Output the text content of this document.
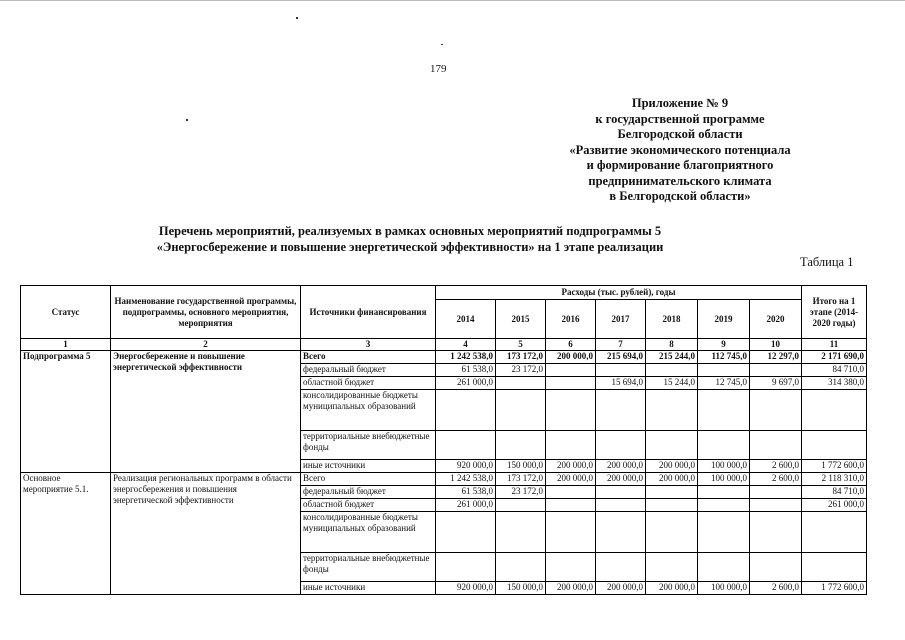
179
Приложение № 9
к государственной программе
Белгородской области
«Развитие экономического потенциала
и формирование благоприятного
предпринимательского климата
в Белгородской области»
Перечень мероприятий, реализуемых в рамках основных мероприятий подпрограммы 5
«Энергосбережение и повышение энергетической эффективности» на 1 этапе реализации
Таблица 1
Статус	Наименование государственной программы, подпрограммы, основного мероприятия, мероприятия	Источники финансирования	Расходы (тыс. рублей), годы							Итого на 1 этапе (2014-2020 годы)
			2014	2015	2016	2017	2018	2019	2020	
1	2	3	4	5	6	7	8	9	10	11
Подпрограмма 5	Энергосбережение и повышение энергетической эффективности	Всего	1 242 538,0	173 172,0	200 000,0	215 694,0	215 244,0	112 745,0	12 297,0	2 171 690,0
		федеральный бюджет	61 538,0	23 172,0						84 710,0
		областной бюджет	261 000,0			15 694,0	15 244,0	12 745,0	9 697,0	314 380,0
		консолидированные бюджеты муниципальных образований								
		территориальные внебюджетные фонды								
		иные источники	920 000,0	150 000,0	200 000,0	200 000,0	200 000,0	100 000,0	2 600,0	1 772 600,0
Основное мероприятие 5.1.	Реализация региональных программ в области энергосбережения и повышения энергетической эффективности	Всего	1 242 538,0	173 172,0	200 000,0	200 000,0	200 000,0	100 000,0	2 600,0	2 118 310,0
		федеральный бюджет	61 538,0	23 172,0						84 710,0
		областной бюджет	261 000,0							261 000,0
		консолидированные бюджеты муниципальных образований								
		территориальные внебюджетные фонды								
		иные источники	920 000,0	150 000,0	200 000,0	200 000,0	200 000,0	100 000,0	2 600,0	1 772 600,0
